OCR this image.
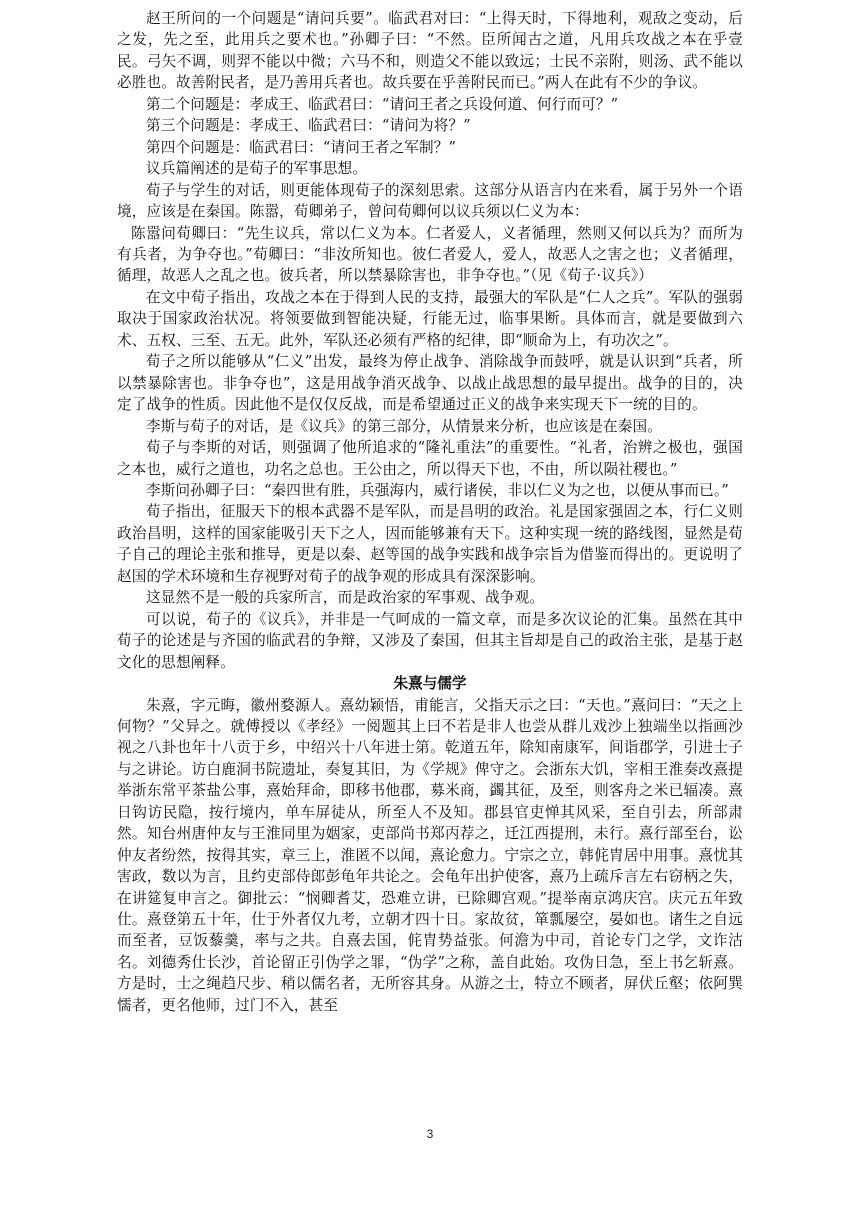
赵王所问的一个问题是“请问兵要”。临武君对曰：“上得天时，下得地利，观敌之变动，后之发，先之至，此用兵之要术也。”孙卿子曰：“不然。臣所闻古之道，凡用兵攻战之本在乎壹民。弓矢不调，则羿不能以中微；六马不和，则造父不能以致远；士民不亲附，则汤、武不能以必胜也。故善附民者，是乃善用兵者也。故兵要在乎善附民而已。”两人在此有不少的争议。

第二个问题是：孝成王、临武君曰：“请问王者之兵设何道、何行而可？”

第三个问题是：孝成王、临武君曰：“请问为将？”

第四个问题是：临武君曰：“请问王者之军制？”

议兵篇阐述的是荀子的军事思想。

荀子与学生的对话，则更能体现荀子的深刻思索。这部分从语言内在来看，属于另外一个语境，应该是在秦国。陈嚣，荀卿弟子，曾问荀卿何以议兵须以仁义为本：

陈嚣问荀卿曰：“先生议兵，常以仁义为本。仁者爱人，义者循理，然则又何以兵为？而所为有兵者，为争夺也。”荀卿曰：“非汝所知也。彼仁者爱人，爱人，故恶人之害之也；义者循理，循理，故恶人之乱之也。彼兵者，所以禁暴除害也，非争夺也。”（见《荀子·议兵》）

在文中荀子指出，攻战之本在于得到人民的支持，最强大的军队是“仁人之兵”。军队的强弱取决于国家政治状况。将领要做到智能决疑，行能无过，临事果断。具体而言，就是要做到六术、五权、三至、五无。此外，军队还必须有严格的纪律，即“顺命为上，有功次之”。

荀子之所以能够从“仁义”出发，最终为停止战争、消除战争而鼓呼，就是认识到“兵者，所以禁暴除害也。非争夺也”，这是用战争消灭战争、以战止战思想的最早提出。战争的目的，决定了战争的性质。因此他不是仅仅反战，而是希望通过正义的战争来实现天下一统的目的。

李斯与荀子的对话，是《议兵》的第三部分，从情景来分析，也应该是在秦国。

荀子与李斯的对话，则强调了他所追求的“隆礼重法”的重要性。“礼者，治辨之极也，强国之本也，威行之道也，功名之总也。王公由之，所以得天下也，不由，所以陨社稷也。”

李斯问孙卿子曰：“秦四世有胜，兵强海内，威行诸侯，非以仁义为之也，以便从事而已。”

荀子指出，征服天下的根本武器不是军队，而是昌明的政治。礼是国家强固之本，行仁义则政治昌明，这样的国家能吸引天下之人，因而能够兼有天下。这种实现一统的路线图，显然是荀子自己的理论主张和推导，更是以秦、赵等国的战争实践和战争宗旨为借鉴而得出的。更说明了赵国的学术环境和生存视野对荀子的战争观的形成具有深深影响。

这显然不是一般的兵家所言，而是政治家的军事观、战争观。

可以说，荀子的《议兵》，并非是一气呵成的一篇文章，而是多次议论的汇集。虽然在其中荀子的论述是与齐国的临武君的争辩，又涉及了秦国，但其主旨却是自己的政治主张，是基于赵文化的思想阐释。

朱熹与儒学

朱熹，字元晦，徽州婺源人。熹幼颖悟，甫能言，父指天示之曰：“天也。”熹问曰：“天之上何物？”父异之。就傅授以《孝经》一阅题其上曰不若是非人也尝从群儿戏沙上独端坐以指画沙视之八卦也年十八贡于乡，中绍兴十八年进士第。乾道五年，除知南康军，间诣郡学，引进士子与之讲论。访白鹿洞书院遗址，奏复其旧，为《学规》俾守之。会浙东大饥，宰相王淮奏改熹提举浙东常平茶盐公事，熹始拜命，即移书他郡，募米商，蠲其征，及至，则客舟之米已辐凑。熹日钩访民隐，按行境内，单车屏徒从，所至人不及知。郡县官吏惮其风采，至自引去，所部肃然。知台州唐仲友与王淮同里为姻家，吏部尚书郑丙荐之，迁江西提刑，未行。熹行部至台，讼仲友者纷然，按得其实，章三上，淮匿不以闻，熹论愈力。宁宗之立，韩侂胄居中用事。熹忧其害政，数以为言，且约吏部侍郎彭龟年共论之。会龟年出护使客，熹乃上疏斥言左右窃柄之失，在讲筵复申言之。御批云：“悯卿耆艾，恐难立讲，已除卿宫观。”提举南京鸿庆宫。庆元五年致仕。熹登第五十年，仕于外者仅九考，立朝才四十日。家故贫，箪瓢屡空，晏如也。诸生之自远而至者，豆饭藜羹，率与之共。自熹去国，侂胄势益张。何澹为中司，首论专门之学，文诈沽名。刘德秀仕长沙，首论留正引伪学之罪，“伪学”之称，盖自此始。攻伪日急，至上书乞斩熹。方是时，士之绳趋尺步、稍以儒名者，无所容其身。从游之士，特立不顾者，屏伏丘壑；依阿巽懦者，更名他师，过门不入，甚至

3
